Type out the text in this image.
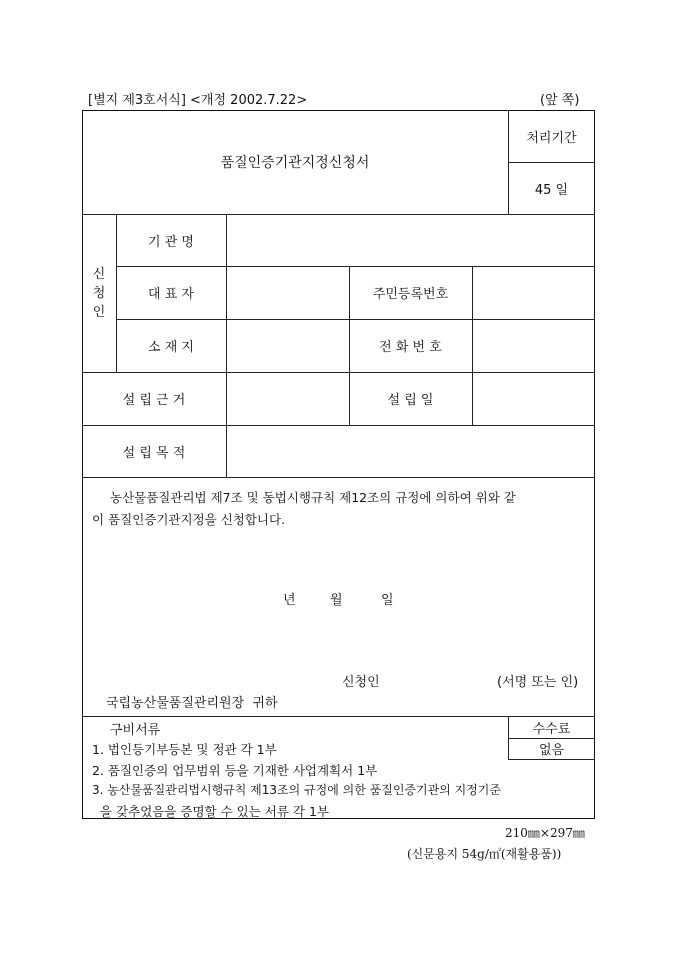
[별지 제3호서식] <개정 2002.7.22>	(앞 쪽)
품질인증기관지정신청서
처리기간
45 일
신
청
인
기 관 명
대 표 자	주민등록번호
소 재 지	전 화 번 호
설 립 근 거	설 립 일
설 립 목 적
농산물품질관리법 제7조 및 동법시행규칙 제12조의 규정에 의하여 위와 같
이 품질인증기관지정을 신청합니다.
년	월	일
신청인	(서명 또는 인)
국립농산물품질관리원장  귀하
구비서류
1. 법인등기부등본 및 정관 각 1부
2. 품질인증의 업무범위 등을 기재한 사업계획서 1부
3. 농산물품질관리법시행규칙 제13조의 규정에 의한 품질인증기관의 지정기준
을 갖추었음을 증명할 수 있는 서류 각 1부
수수료
없음
210㎜×297㎜
(신문용지 54g/㎡(재활용품))
